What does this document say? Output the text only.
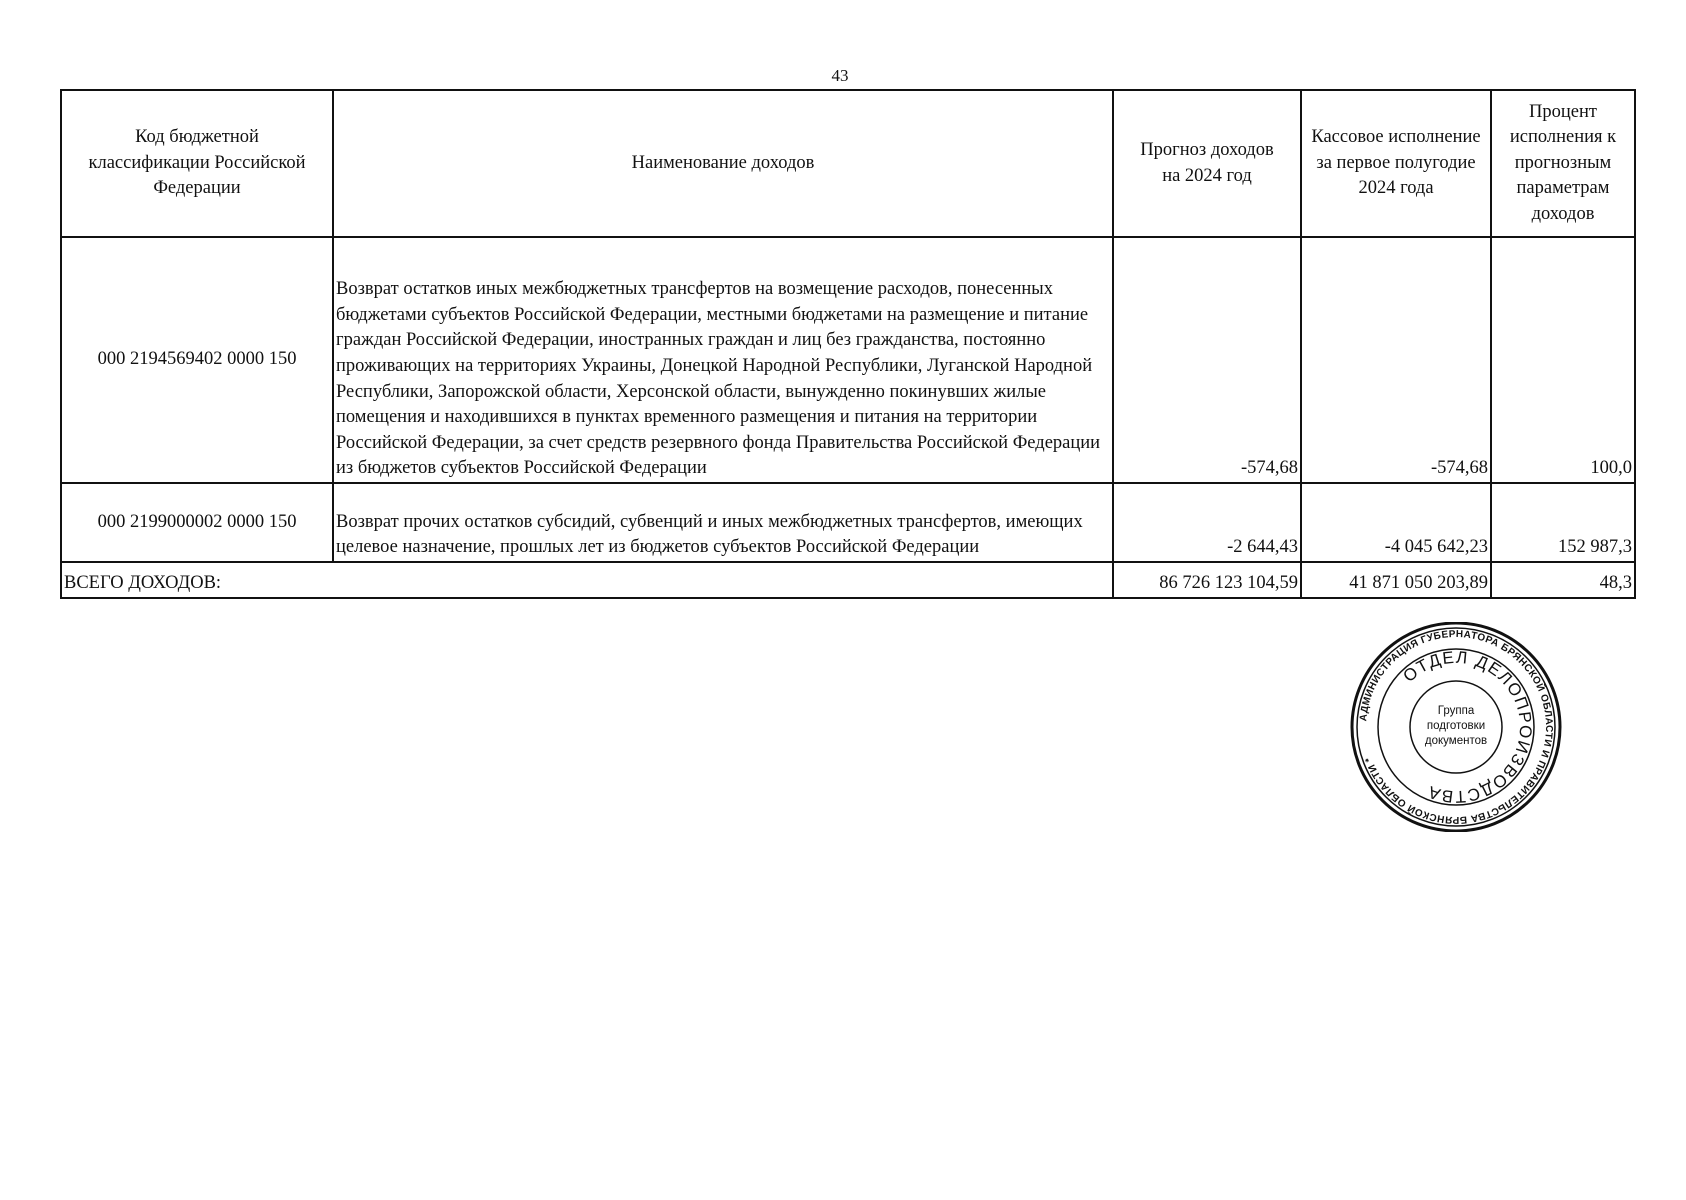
43
Код бюджетной классификации Российской Федерации	Наименование доходов	Прогноз доходов на 2024 год	Кассовое исполнение за первое полугодие 2024 года	Процент исполнения к прогнозным параметрам доходов
000 2194569402 0000 150	Возврат остатков иных межбюджетных трансфертов на возмещение расходов, понесенных бюджетами субъектов Российской Федерации, местными бюджетами на размещение и питание граждан Российской Федерации, иностранных граждан и лиц без гражданства, постоянно проживающих на территориях Украины, Донецкой Народной Республики, Луганской Народной Республики, Запорожской области, Херсонской области, вынужденно покинувших жилые помещения и находившихся в пунктах временного размещения и питания на территории Российской Федерации, за счет средств резервного фонда Правительства Российской Федерации из бюджетов субъектов Российской Федерации	-574,68	-574,68	100,0
000 2199000002 0000 150	Возврат прочих остатков субсидий, субвенций и иных межбюджетных трансфертов, имеющих целевое назначение, прошлых лет из бюджетов субъектов Российской Федерации	-2 644,43	-4 045 642,23	152 987,3
ВСЕГО ДОХОДОВ:		86 726 123 104,59	41 871 050 203,89	48,3
АДМИНИСТРАЦИЯ ГУБЕРНАТОРА БРЯНСКОЙ ОБЛАСТИ И ПРАВИТЕЛЬСТВА БРЯНСКОЙ ОБЛАСТИ *
ОТДЕЛ ДЕЛОПРОИЗВОДСТВА
Группа
подготовки
документов
